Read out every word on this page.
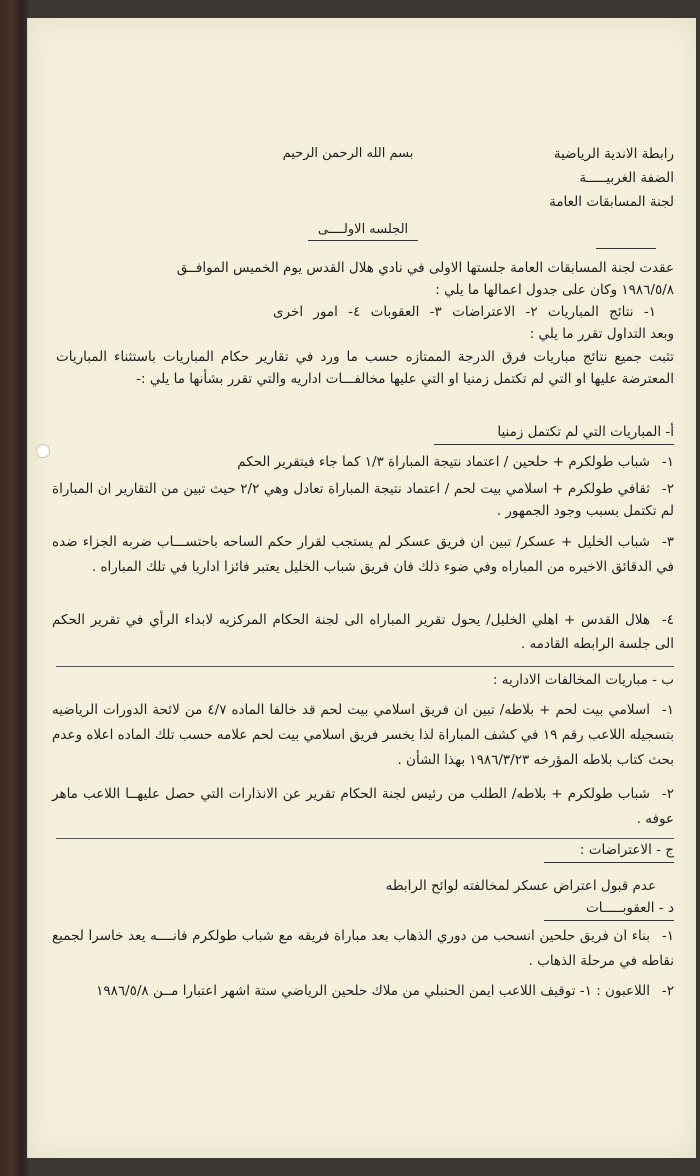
رابطة الاندية الرياضية
الضفة الغربيـــــة
لجنة المسابقات العامة
بسم الله الرحمن الرحيم
الجلسه الاولــــى
عقدت لجنة المسابقات العامة جلستها الاولى في نادي هلال القدس يوم الخميس الموافــق
١٩٨٦/٥/٨ وكان على جدول اعمالها ما يلي :
١- نتائج المباريات ٢- الاعتراضات ٣- العقوبات ٤- امور اخرى
وبعد التداول تقرر ما يلي :
تثبت جميع نتائج مباريات فرق الدرجة الممتازه حسب ما ورد في تقارير حكام المباريات باستثناء المباريات المعترضة عليها او التي لم تكتمل زمنيا او التي عليها مخالفـــات اداريه والتي تقرر بشأنها ما يلي :-
أ- المباريات التي لم تكتمل زمنيا
١-شباب طولكرم + حلحين / اعتماد نتيجة المباراة ١/٣ كما جاء فيتقرير الحكم
٢-ثقافي طولكرم + اسلامي بيت لحم / اعتماد نتيجة المباراة تعادل وهي ٢/٢ حيث تبين من التقارير ان المباراة لم تكتمل بسبب وجود الجمهور .
٣-شباب الخليل + عسكر/ تبين ان فريق عسكر لم يستجب لقرار حكم الساحه باحتســـاب ضربه الجزاء ضده في الدقائق الاخيره من المباراه وفي ضوء ذلك فان فريق شباب الخليل يعتبر فائزا اداريا في تلك المباراه .
٤-هلال القدس + اهلي الخليل/ يحول تقرير المباراه الى لجنة الحكام المركزيه لابداء الرأي في تقرير الحكم الى جلسة الرابطه القادمه .
ب - مباريات المخالفات الاداريه :
١-اسلامي بيت لحم + بلاطه/ تبين ان فريق اسلامي بيت لحم قد خالفا الماده ٤/٧ من لائحة الدورات الرياضيه بتسجيله اللاعب رقم ١٩ في كشف المباراة لذا يخسر فريق اسلامي بيت لحم علامه حسب تلك الماده اعلاه وعدم بحث كتاب بلاطه المؤرخه ١٩٨٦/٣/٢٣ بهذا الشأن .
٢-شباب طولكرم + بلاطه/ الطلب من رئيس لجنة الحكام تقرير عن الانذارات التي حصل عليهــا اللاعب ماهر عوفه .
ج - الاعتراضات :
عدم قبول اعتراض عسكر لمخالفته لوائح الرابطه
د - العقوبـــــات
١-بناء ان فريق حلحين انسحب من دوري الذهاب بعد مباراة فريقه مع شباب طولكرم فانــــه يعد خاسرا لجميع نقاطه في مرحلة الذهاب .
٢-اللاعبون : ١- توقيف اللاعب ايمن الحنبلي من ملاك حلحين الرياضي ستة اشهر اعتبارا مــن ١٩٨٦/٥/٨
